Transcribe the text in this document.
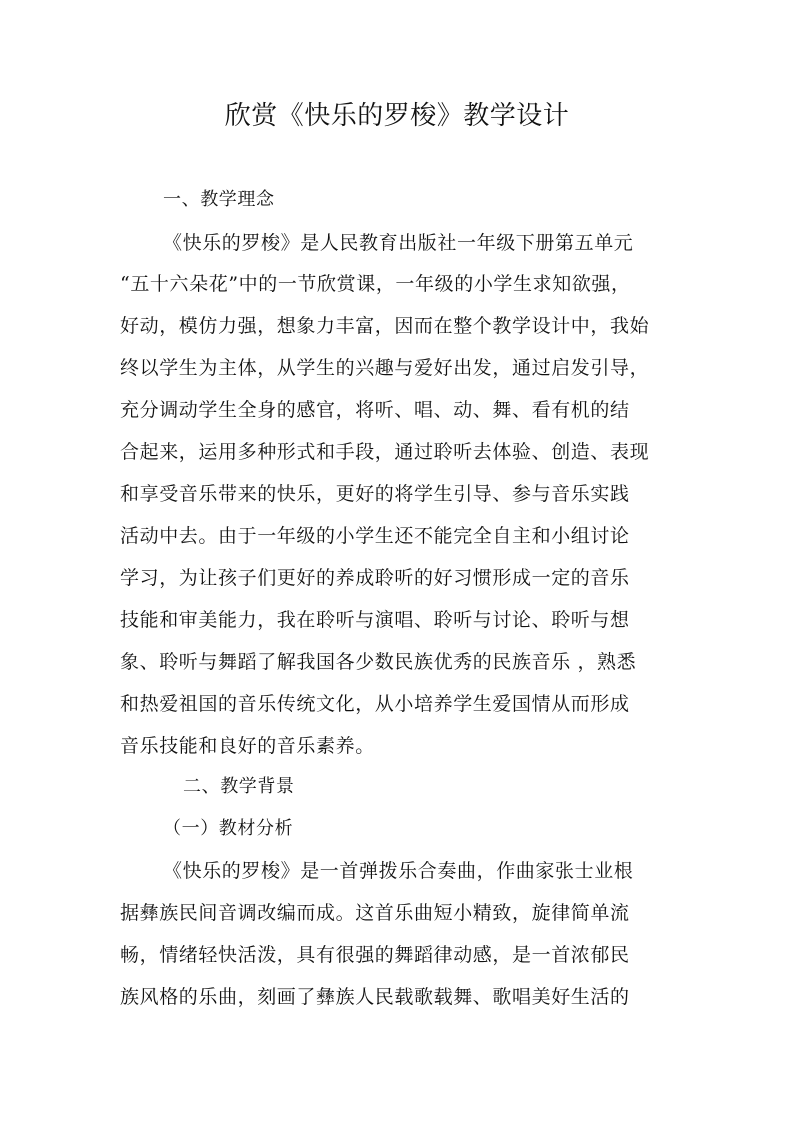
欣赏《快乐的罗梭》教学设计
一、教学理念
《快乐的罗梭》是人民教育出版社一年级下册第五单元
“五十六朵花”中的一节欣赏课，一年级的小学生求知欲强，
好动，模仿力强，想象力丰富，因而在整个教学设计中，我始
终以学生为主体，从学生的兴趣与爱好出发，通过启发引导，
充分调动学生全身的感官，将听、唱、动、舞、看有机的结
合起来，运用多种形式和手段，通过聆听去体验、创造、表现
和享受音乐带来的快乐，更好的将学生引导、参与音乐实践
活动中去。由于一年级的小学生还不能完全自主和小组讨论
学习，为让孩子们更好的养成聆听的好习惯形成一定的音乐
技能和审美能力，我在聆听与演唱、聆听与讨论、聆听与想
象、聆听与舞蹈了解我国各少数民族优秀的民族音乐 ，熟悉
和热爱祖国的音乐传统文化，从小培养学生爱国情从而形成
音乐技能和良好的音乐素养。
二、教学背景
（一）教材分析
《快乐的罗梭》是一首弹拨乐合奏曲，作曲家张士业根
据彝族民间音调改编而成。这首乐曲短小精致，旋律简单流
畅，情绪轻快活泼，具有很强的舞蹈律动感，是一首浓郁民
族风格的乐曲，刻画了彝族人民载歌载舞、歌唱美好生活的
